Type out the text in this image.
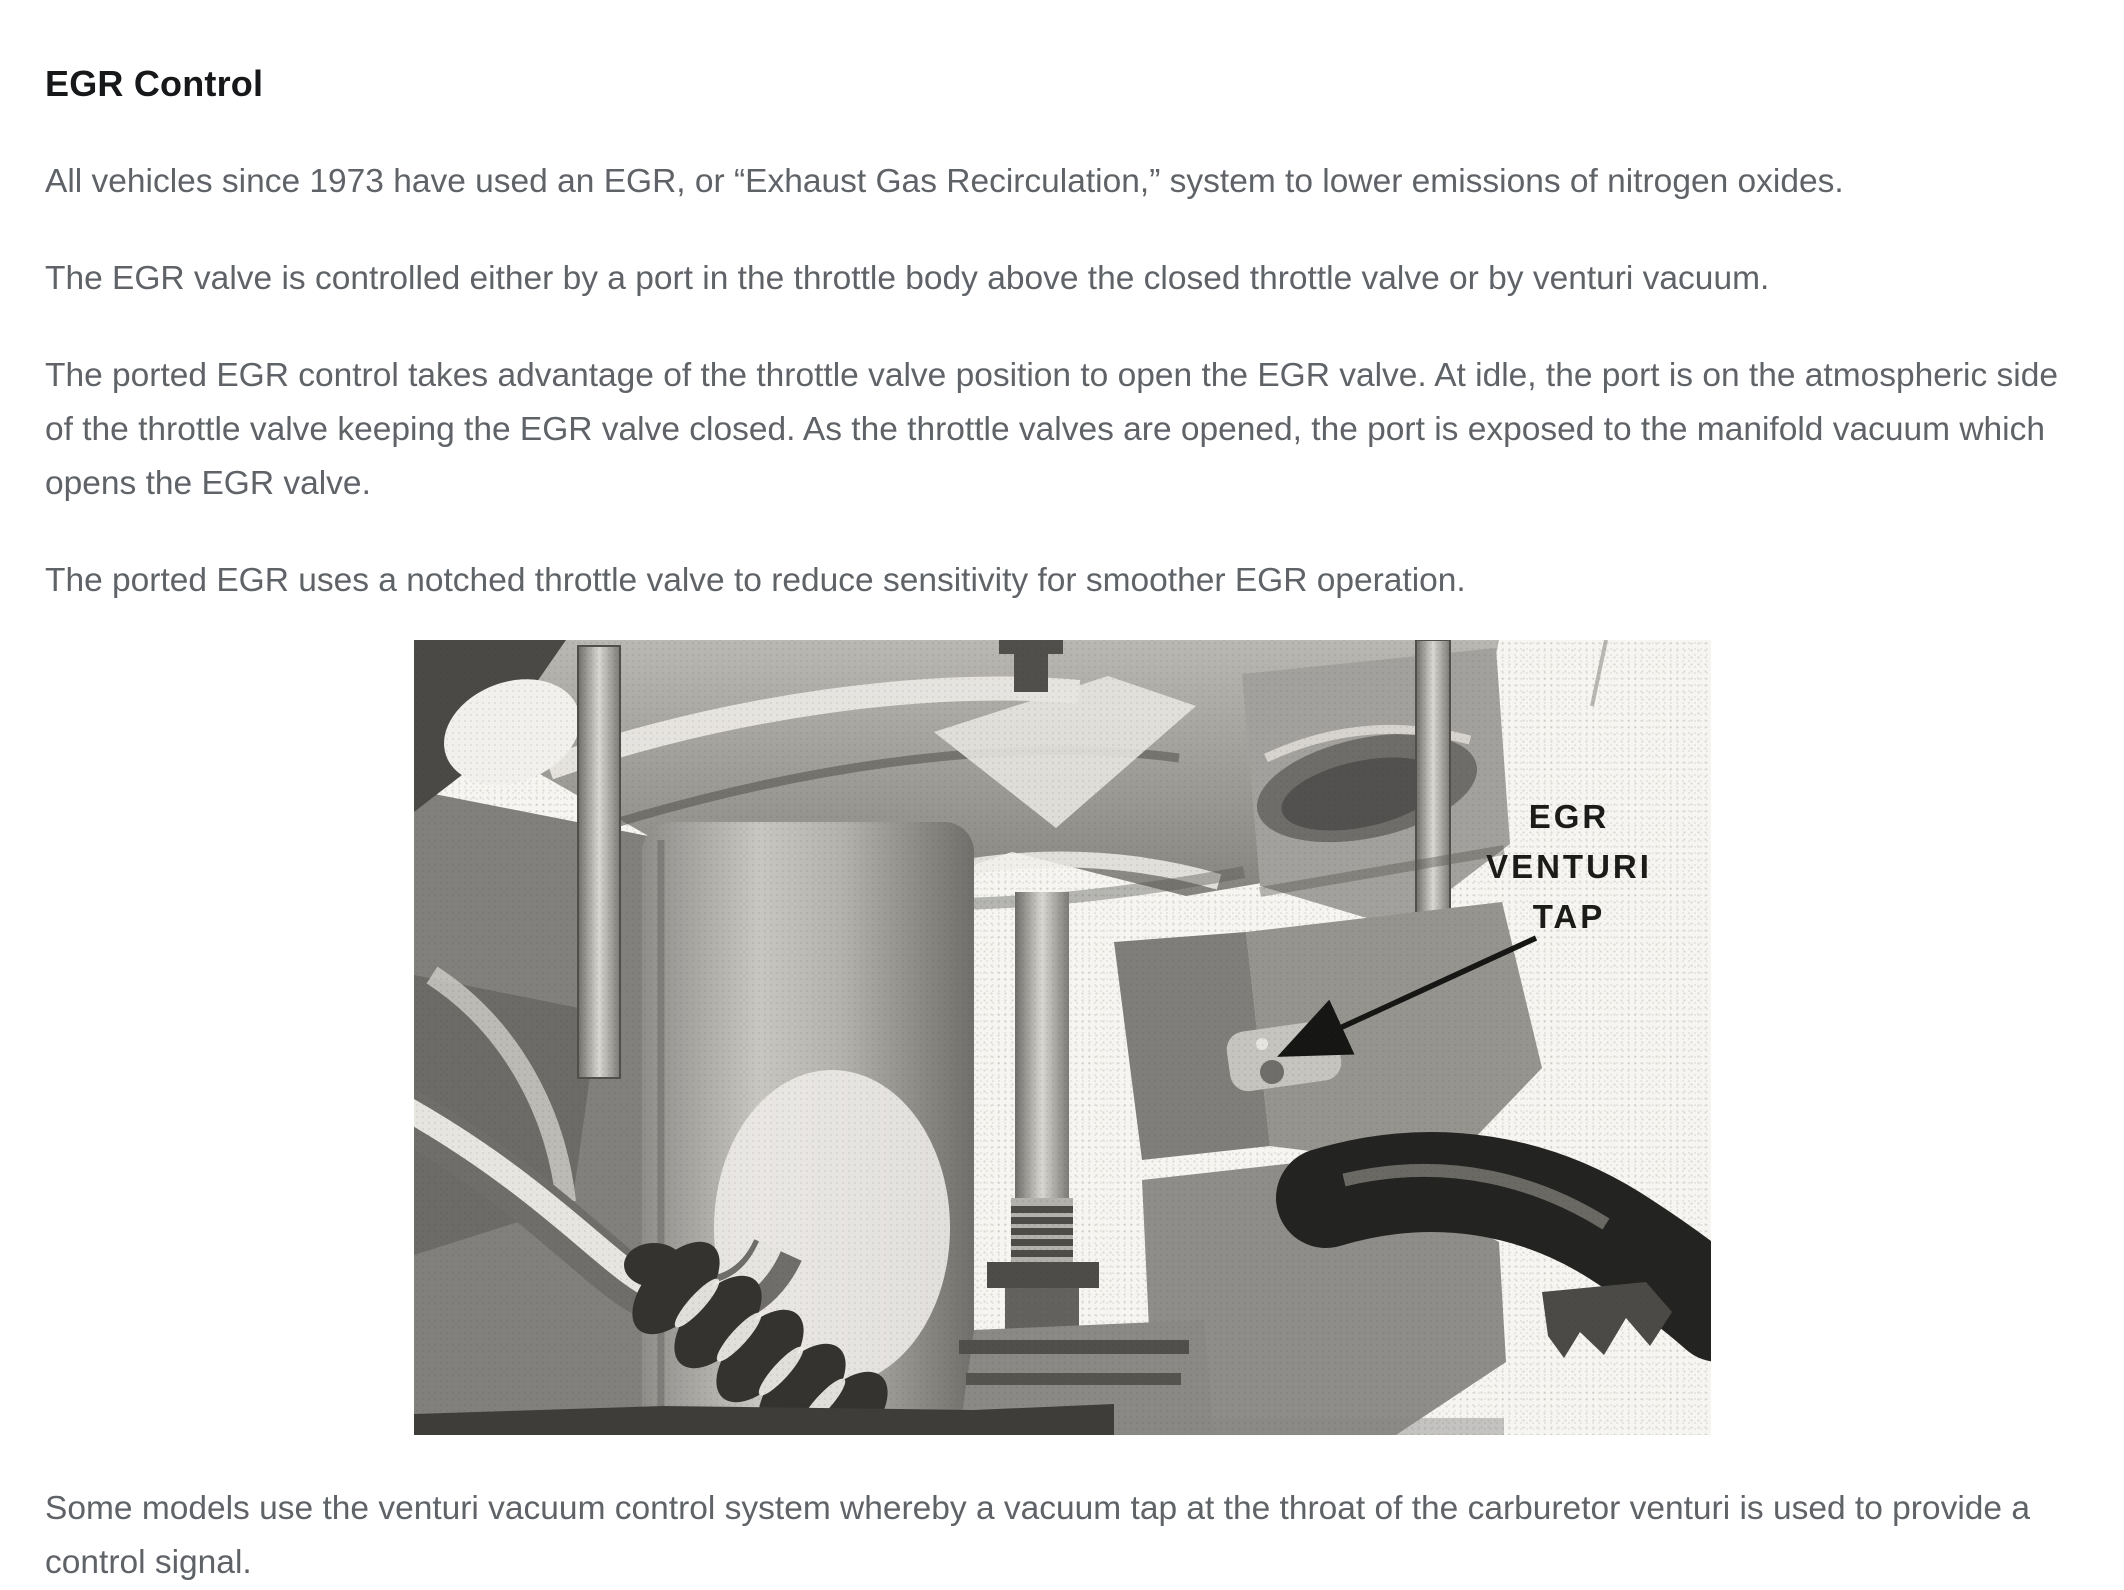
EGR Control
All vehicles since 1973 have used an EGR, or “Exhaust Gas Recirculation,” system to lower emissions of nitrogen oxides.
The EGR valve is controlled either by a port in the throttle body above the closed throttle valve or by venturi vacuum.
The ported EGR control takes advantage of the throttle valve position to open the EGR valve. At idle, the port is on the atmospheric side
of the throttle valve keeping the EGR valve closed. As the throttle valves are opened, the port is exposed to the manifold vacuum which
opens the EGR valve.
The ported EGR uses a notched throttle valve to reduce sensitivity for smoother EGR operation.
EGR
VENTURI
TAP
Some models use the venturi vacuum control system whereby a vacuum tap at the throat of the carburetor venturi is used to provide a
control signal.
